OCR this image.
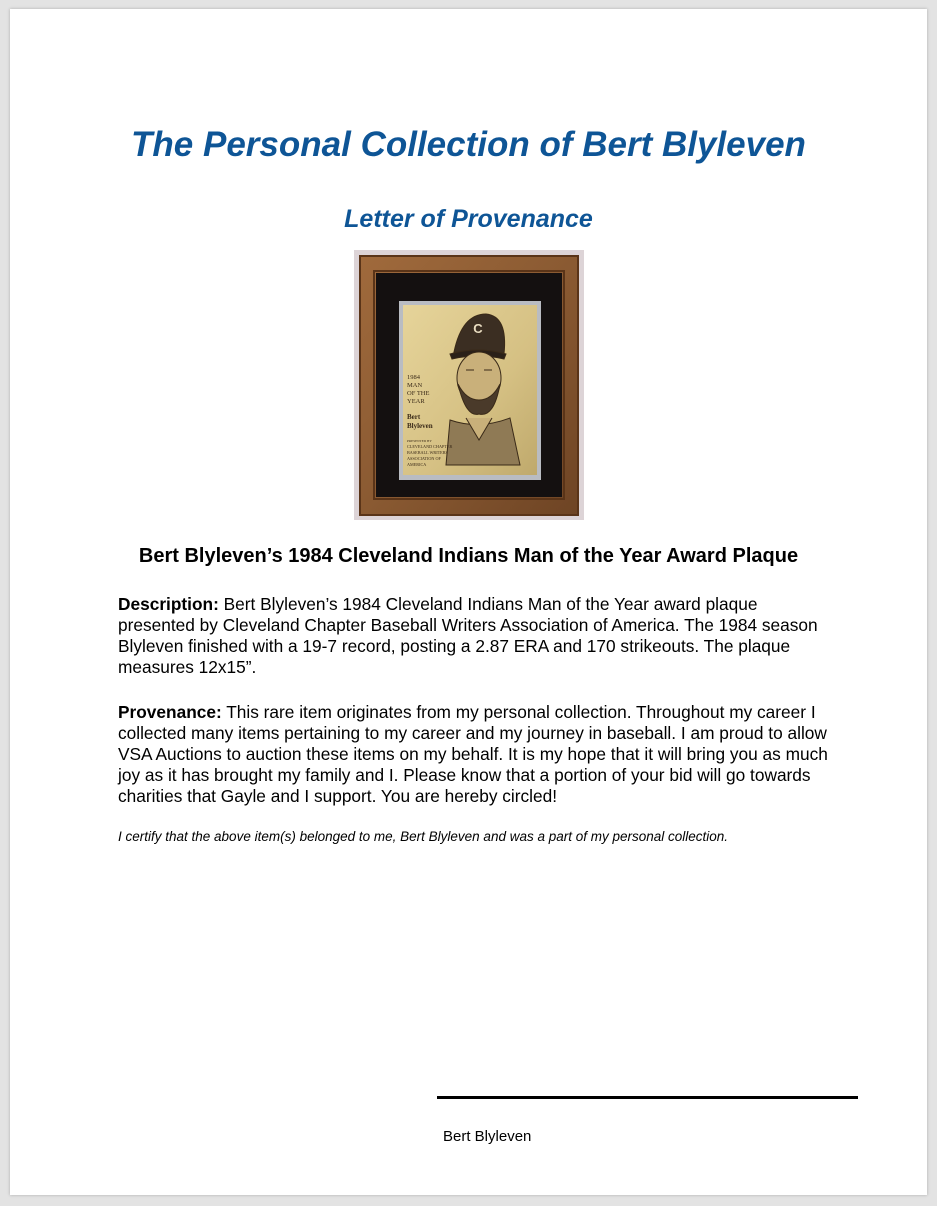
The Personal Collection of Bert Blyleven
Letter of Provenance
C
1984
MAN
OF THE
YEAR
Bert
Blyleven
PRESENTED BY
CLEVELAND CHAPTER
BASEBALL WRITERS
ASSOCIATION OF
AMERICA
Bert Blyleven’s 1984 Cleveland Indians Man of the Year Award Plaque

Description: Bert Blyleven’s 1984 Cleveland Indians Man of the Year award plaque presented by Cleveland Chapter Baseball Writers Association of America. The 1984 season Blyleven finished with a 19-7 record, posting a 2.87 ERA and 170 strikeouts. The plaque measures 12x15”.

Provenance: This rare item originates from my personal collection. Throughout my career I collected many items pertaining to my career and my journey in baseball. I am proud to allow VSA Auctions to auction these items on my behalf. It is my hope that it will bring you as much joy as it has brought my family and I. Please know that a portion of your bid will go towards charities that Gayle and I support. You are hereby circled!

I certify that the above item(s) belonged to me, Bert Blyleven and was a part of my personal collection.

Bert Blyleven
